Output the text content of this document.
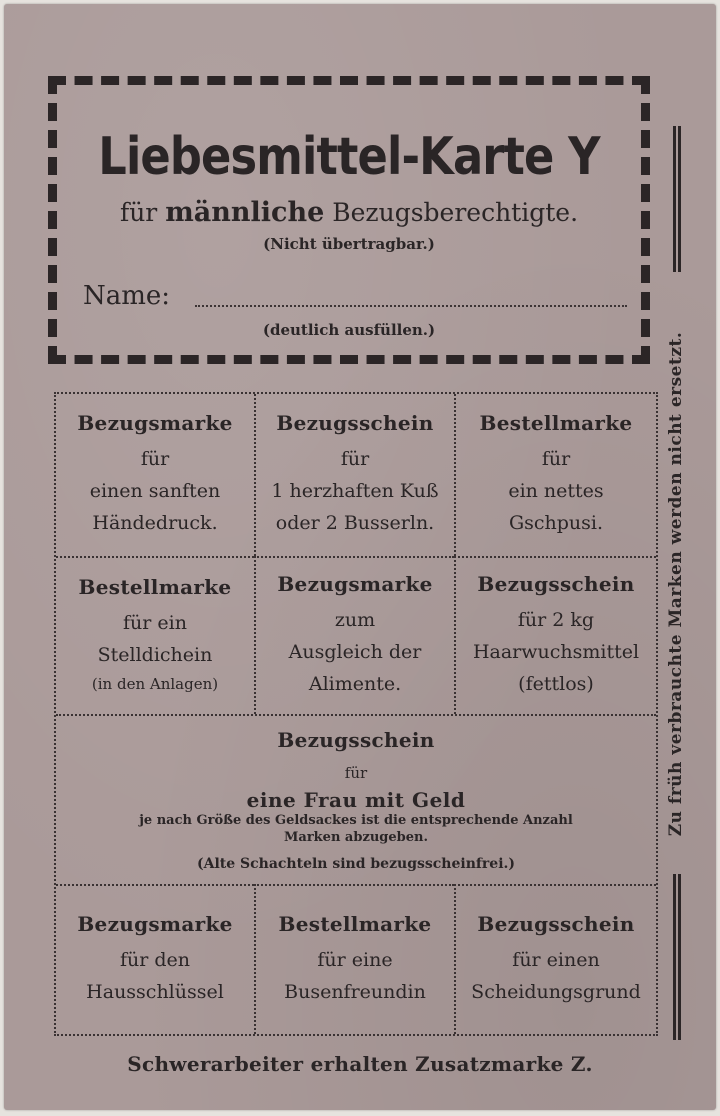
Liebesmittel-Karte Y
für männliche Bezugsberechtigte.
(Nicht übertragbar.)
Name:
(deutlich ausfüllen.)
Zu früh verbrauchte Marken werden nicht ersetzt.
Bezugsmarke
für
einen sanften
Händedruck.
Bezugsschein
für
1 herzhaften Kuß
oder 2 Busserln.
Bestellmarke
für
ein nettes
Gschpusi.
Bestellmarke
für ein
Stelldichein
(in den Anlagen)
Bezugsmarke
zum
Ausgleich der
Alimente.
Bezugsschein
für 2 kg
Haarwuchsmittel
(fettlos)
Bezugsschein
für
eine Frau mit Geld
je nach Größe des Geldsackes ist die entsprechende Anzahl
Marken abzugeben.
(Alte Schachteln sind bezugsscheinfrei.)
Bezugsmarke
für den
Hausschlüssel
Bestellmarke
für eine
Busenfreundin
Bezugsschein
für einen
Scheidungsgrund
Schwerarbeiter erhalten Zusatzmarke Z.
